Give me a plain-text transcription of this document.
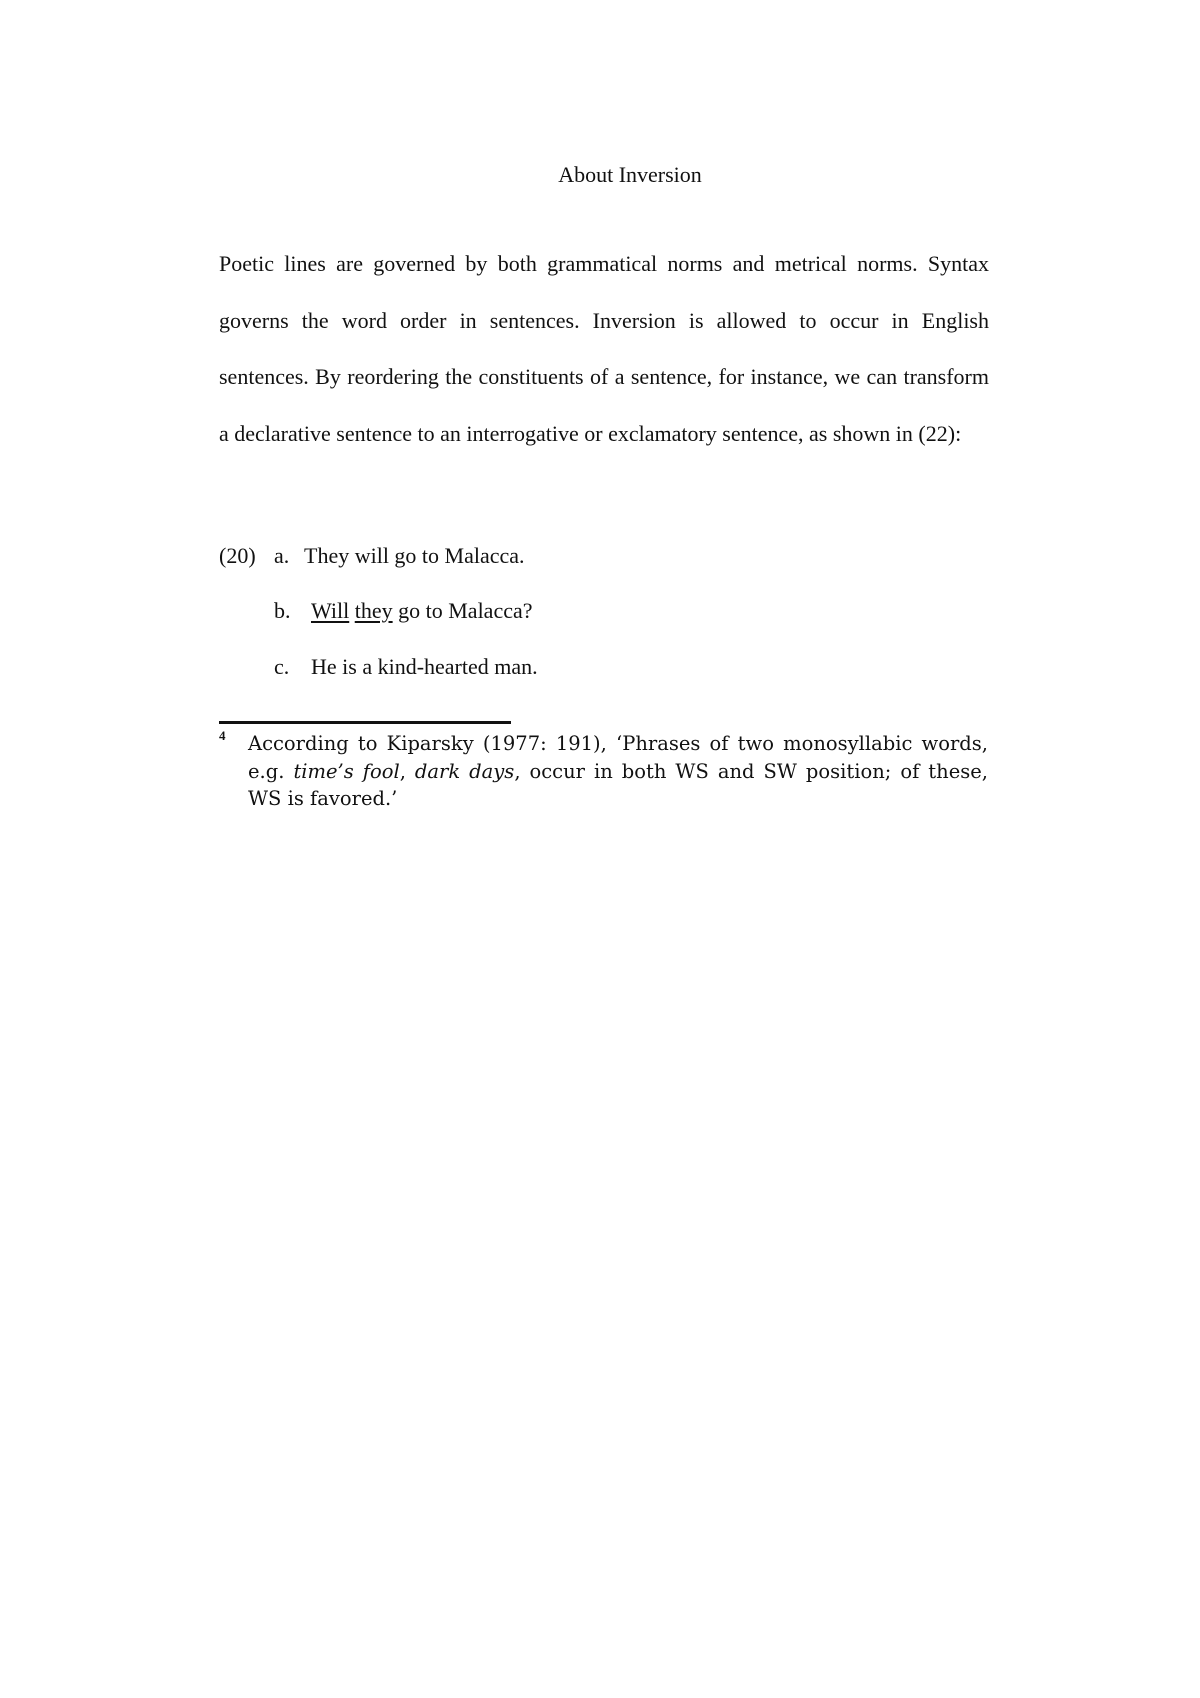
About Inversion

Poetic lines are governed by both grammatical norms and metrical norms. Syntax governs the word order in sentences. Inversion is allowed to occur in English sentences. By reordering the constituents of a sentence, for instance, we can transform a declarative sentence to an interrogative or exclamatory sentence, as shown in (22):

(20) a. They will go to Malacca.
b. Will they go to Malacca?
c. He is a kind-hearted man.
4 According to Kiparsky (1977: 191), ‘Phrases of two monosyllabic words, e.g. time’s fool, dark days, occur in both WS and SW position; of these, WS is favored.’
